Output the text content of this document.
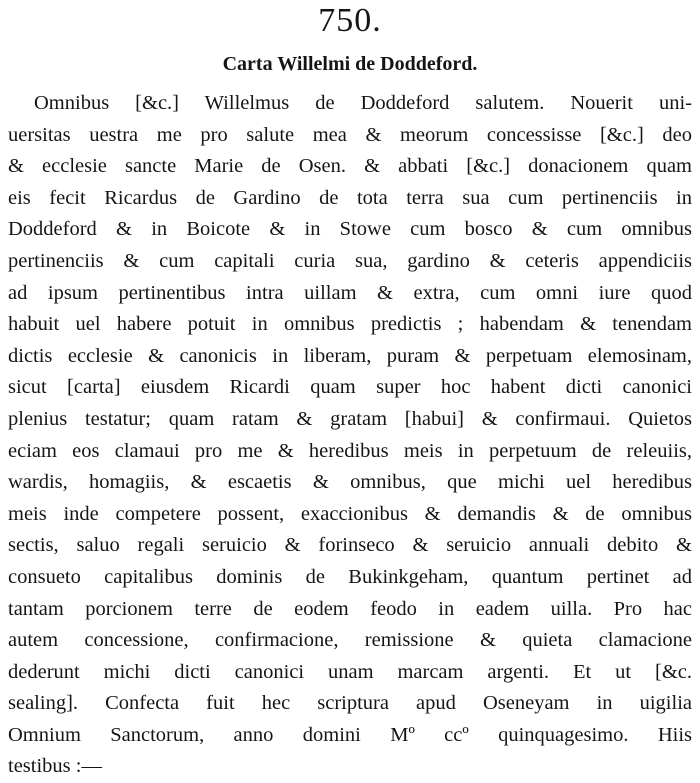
750.
Carta Willelmi de Doddeford.
Omnibus [&c.] Willelmus de Doddeford salutem. Nouerit uni-
uersitas uestra me pro salute mea & meorum concessisse [&c.] deo
& ecclesie sancte Marie de Osen. & abbati [&c.] donacionem quam
eis fecit Ricardus de Gardino de tota terra sua cum pertinenciis in
Doddeford & in Boicote & in Stowe cum bosco & cum omnibus
pertinenciis & cum capitali curia sua, gardino & ceteris appendiciis
ad ipsum pertinentibus intra uillam & extra, cum omni iure quod
habuit uel habere potuit in omnibus predictis ; habendam & tenendam
dictis ecclesie & canonicis in liberam, puram & perpetuam elemosinam,
sicut [carta] eiusdem Ricardi quam super hoc habent dicti canonici
plenius testatur; quam ratam & gratam [habui] & confirmaui. Quietos
eciam eos clamaui pro me & heredibus meis in perpetuum de releuiis,
wardis, homagiis, & escaetis & omnibus, que michi uel heredibus
meis inde competere possent, exaccionibus & demandis & de omnibus
sectis, saluo regali seruicio & forinseco & seruicio annuali debito &
consueto capitalibus dominis de Bukinkgeham, quantum pertinet ad
tantam porcionem terre de eodem feodo in eadem uilla. Pro hac
autem concessione, confirmacione, remissione & quieta clamacione
dederunt michi dicti canonici unam marcam argenti. Et ut [&c.
sealing]. Confecta fuit hec scriptura apud Oseneyam in uigilia
Omnium Sanctorum, anno domini Mº ccº quinquagesimo. Hiis
testibus :—
